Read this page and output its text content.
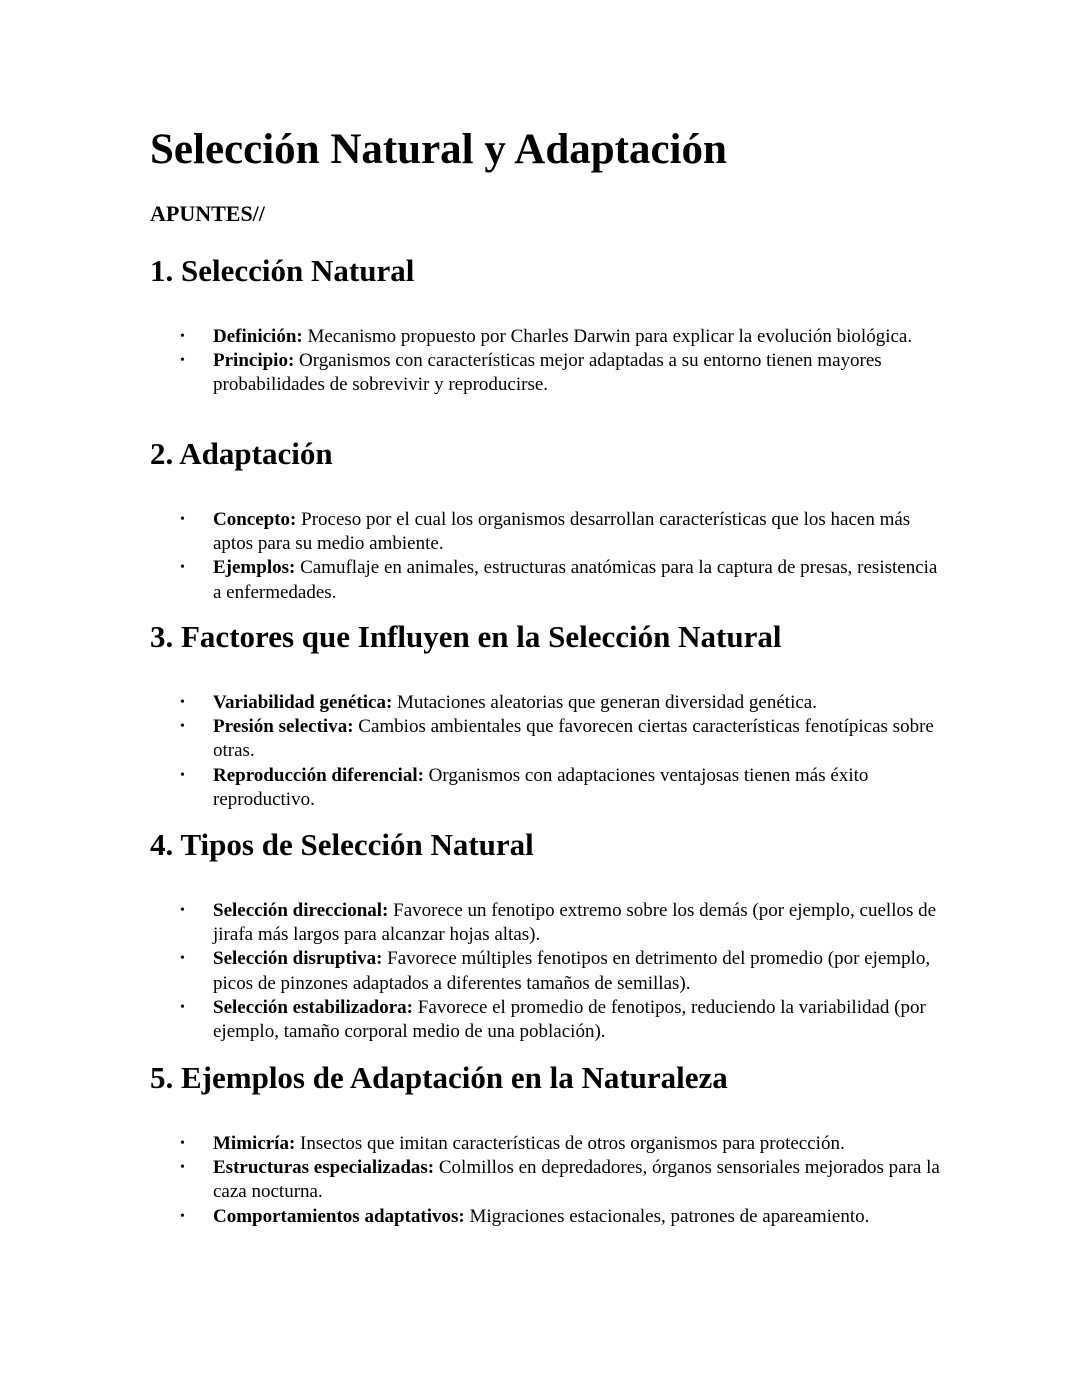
Selección Natural y Adaptación
APUNTES//
1. Selección Natural
• Definición: Mecanismo propuesto por Charles Darwin para explicar la evolución biológica.
• Principio: Organismos con características mejor adaptadas a su entorno tienen mayores probabilidades de sobrevivir y reproducirse.
2. Adaptación
• Concepto: Proceso por el cual los organismos desarrollan características que los hacen más aptos para su medio ambiente.
• Ejemplos: Camuflaje en animales, estructuras anatómicas para la captura de presas, resistencia a enfermedades.
3. Factores que Influyen en la Selección Natural
• Variabilidad genética: Mutaciones aleatorias que generan diversidad genética.
• Presión selectiva: Cambios ambientales que favorecen ciertas características fenotípicas sobre otras.
• Reproducción diferencial: Organismos con adaptaciones ventajosas tienen más éxito reproductivo.
4. Tipos de Selección Natural
• Selección direccional: Favorece un fenotipo extremo sobre los demás (por ejemplo, cuellos de jirafa más largos para alcanzar hojas altas).
• Selección disruptiva: Favorece múltiples fenotipos en detrimento del promedio (por ejemplo, picos de pinzones adaptados a diferentes tamaños de semillas).
• Selección estabilizadora: Favorece el promedio de fenotipos, reduciendo la variabilidad (por ejemplo, tamaño corporal medio de una población).
5. Ejemplos de Adaptación en la Naturaleza
• Mimicría: Insectos que imitan características de otros organismos para protección.
• Estructuras especializadas: Colmillos en depredadores, órganos sensoriales mejorados para la caza nocturna.
• Comportamientos adaptativos: Migraciones estacionales, patrones de apareamiento.
